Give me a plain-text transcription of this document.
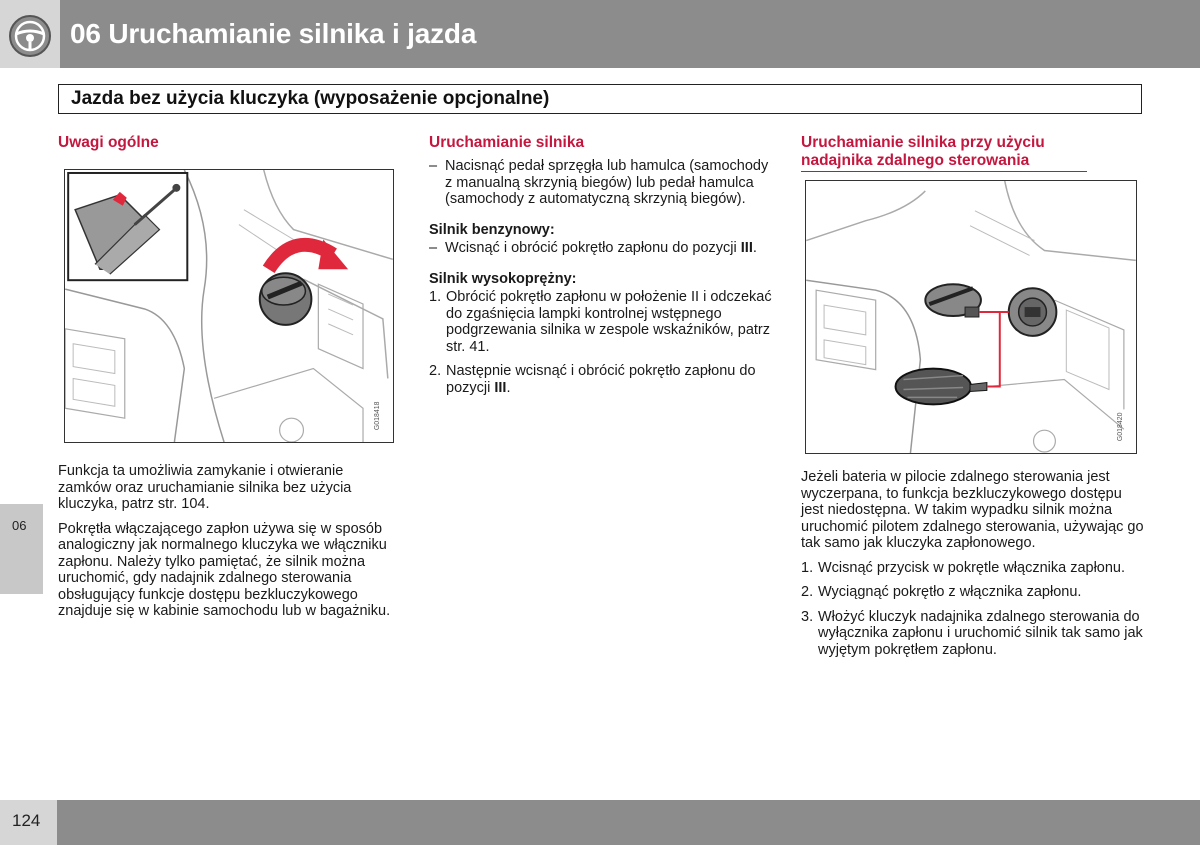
06 Uruchamianie silnika i jazda
Jazda bez użycia kluczyka (wyposażenie opcjonalne)
Uwagi ogólne
G018418

Funkcja ta umożliwia zamykanie i otwieranie zamków oraz uruchamianie silnika bez użycia kluczyka, patrz str. 104.

Pokrętła włączającego zapłon używa się w sposób analogiczny jak normalnego kluczyka we włączniku zapłonu. Należy tylko pamiętać, że silnik można uruchomić, gdy nadajnik zdalnego sterowania obsługujący funkcje dostępu bezkluczykowego znajduje się w kabinie samochodu lub w bagażniku.

Uruchamianie silnika
– Nacisnąć pedał sprzęgła lub hamulca (samochody z manualną skrzynią biegów) lub pedał hamulca (samochody z automatyczną skrzynią biegów).
Silnik benzynowy:
– Wcisnąć i obrócić pokrętło zapłonu do pozycji III.
Silnik wysokoprężny:
1. Obrócić pokrętło zapłonu w położenie II i odczekać do zgaśnięcia lampki kontrolnej wstępnego podgrzewania silnika w zespole wskaźników, patrz str. 41.
2. Następnie wcisnąć i obrócić pokrętło zapłonu do pozycji III.
Uruchamianie silnika przy użyciu nadajnika zdalnego sterowania
G018420

Jeżeli bateria w pilocie zdalnego sterowania jest wyczerpana, to funkcja bezkluczykowego dostępu jest niedostępna. W takim wypadku silnik można uruchomić pilotem zdalnego sterowania, używając go tak samo jak kluczyka zapłonowego.

1. Wcisnąć przycisk w pokrętle włącznika zapłonu.
2. Wyciągnąć pokrętło z włącznika zapłonu.
3. Włożyć kluczyk nadajnika zdalnego sterowania do wyłącznika zapłonu i uruchomić silnik tak samo jak wyjętym pokrętłem zapłonu.
06
124
